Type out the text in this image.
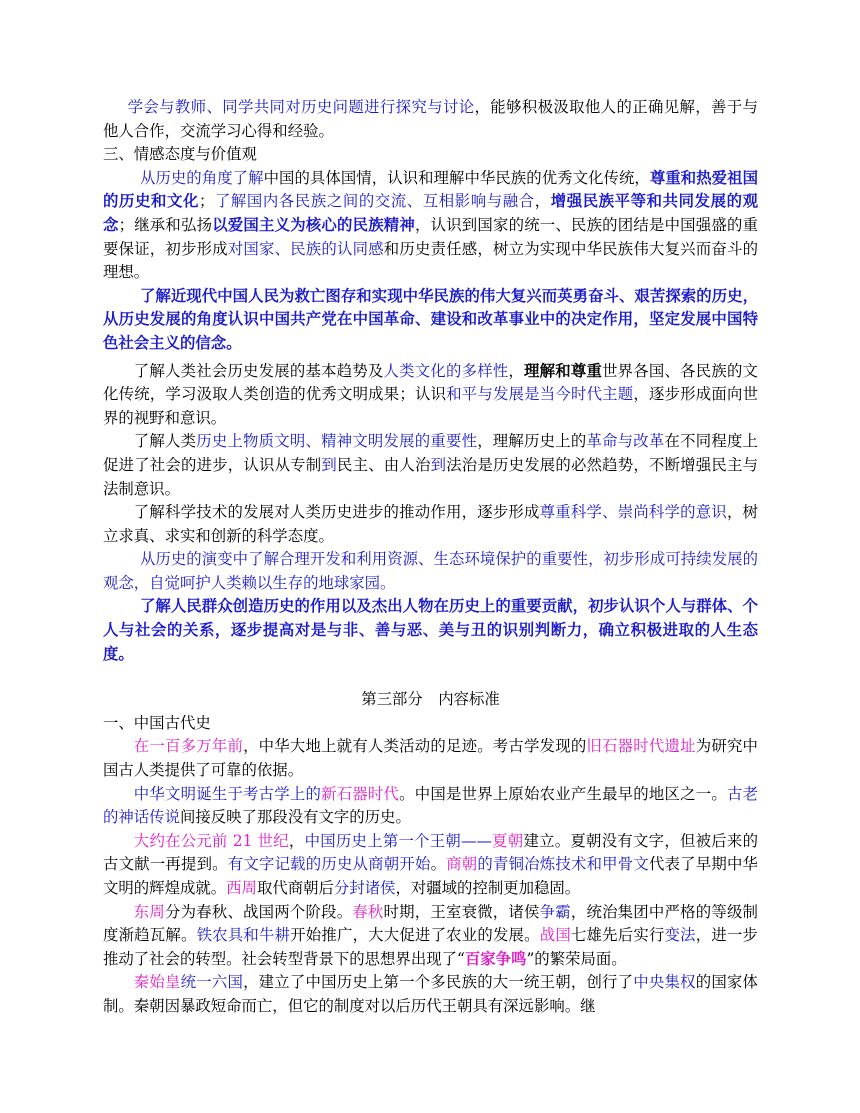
学会与教师、同学共同对历史问题进行探究与讨论，能够积极汲取他人的正确见解，善于与他人合作，交流学习心得和经验。

三、情感态度与价值观

从历史的角度了解中国的具体国情，认识和理解中华民族的优秀文化传统，尊重和热爱祖国的历史和文化；了解国内各民族之间的交流、互相影响与融合，增强民族平等和共同发展的观念；继承和弘扬以爱国主义为核心的民族精神，认识到国家的统一、民族的团结是中国强盛的重要保证，初步形成对国家、民族的认同感和历史责任感，树立为实现中华民族伟大复兴而奋斗的理想。

了解近现代中国人民为救亡图存和实现中华民族的伟大复兴而英勇奋斗、艰苦探索的历史，从历史发展的角度认识中国共产党在中国革命、建设和改革事业中的决定作用，坚定发展中国特色社会主义的信念。

了解人类社会历史发展的基本趋势及人类文化的多样性，理解和尊重世界各国、各民族的文化传统，学习汲取人类创造的优秀文明成果；认识和平与发展是当今时代主题，逐步形成面向世界的视野和意识。

了解人类历史上物质文明、精神文明发展的重要性，理解历史上的革命与改革在不同程度上促进了社会的进步，认识从专制到民主、由人治到法治是历史发展的必然趋势，不断增强民主与法制意识。

了解科学技术的发展对人类历史进步的推动作用，逐步形成尊重科学、崇尚科学的意识，树立求真、求实和创新的科学态度。

从历史的演变中了解合理开发和利用资源、生态环境保护的重要性，初步形成可持续发展的观念，自觉呵护人类赖以生存的地球家园。

了解人民群众创造历史的作用以及杰出人物在历史上的重要贡献，初步认识个人与群体、个人与社会的关系，逐步提高对是与非、善与恶、美与丑的识别判断力，确立积极进取的人生态度。

第三部分　内容标准

一、中国古代史

在一百多万年前，中华大地上就有人类活动的足迹。考古学发现的旧石器时代遗址为研究中国古人类提供了可靠的依据。

中华文明诞生于考古学上的新石器时代。中国是世界上原始农业产生最早的地区之一。古老的神话传说间接反映了那段没有文字的历史。

大约在公元前 21 世纪，中国历史上第一个王朝——夏朝建立。夏朝没有文字，但被后来的古文献一再提到。有文字记载的历史从商朝开始。商朝的青铜冶炼技术和甲骨文代表了早期中华文明的辉煌成就。西周取代商朝后分封诸侯，对疆域的控制更加稳固。

东周分为春秋、战国两个阶段。春秋时期，王室衰微，诸侯争霸，统治集团中严格的等级制度渐趋瓦解。铁农具和牛耕开始推广，大大促进了农业的发展。战国七雄先后实行变法，进一步推动了社会的转型。社会转型背景下的思想界出现了“百家争鸣”的繁荣局面。

秦始皇统一六国，建立了中国历史上第一个多民族的大一统王朝，创行了中央集权的国家体制。秦朝因暴政短命而亡，但它的制度对以后历代王朝具有深远影响。继
